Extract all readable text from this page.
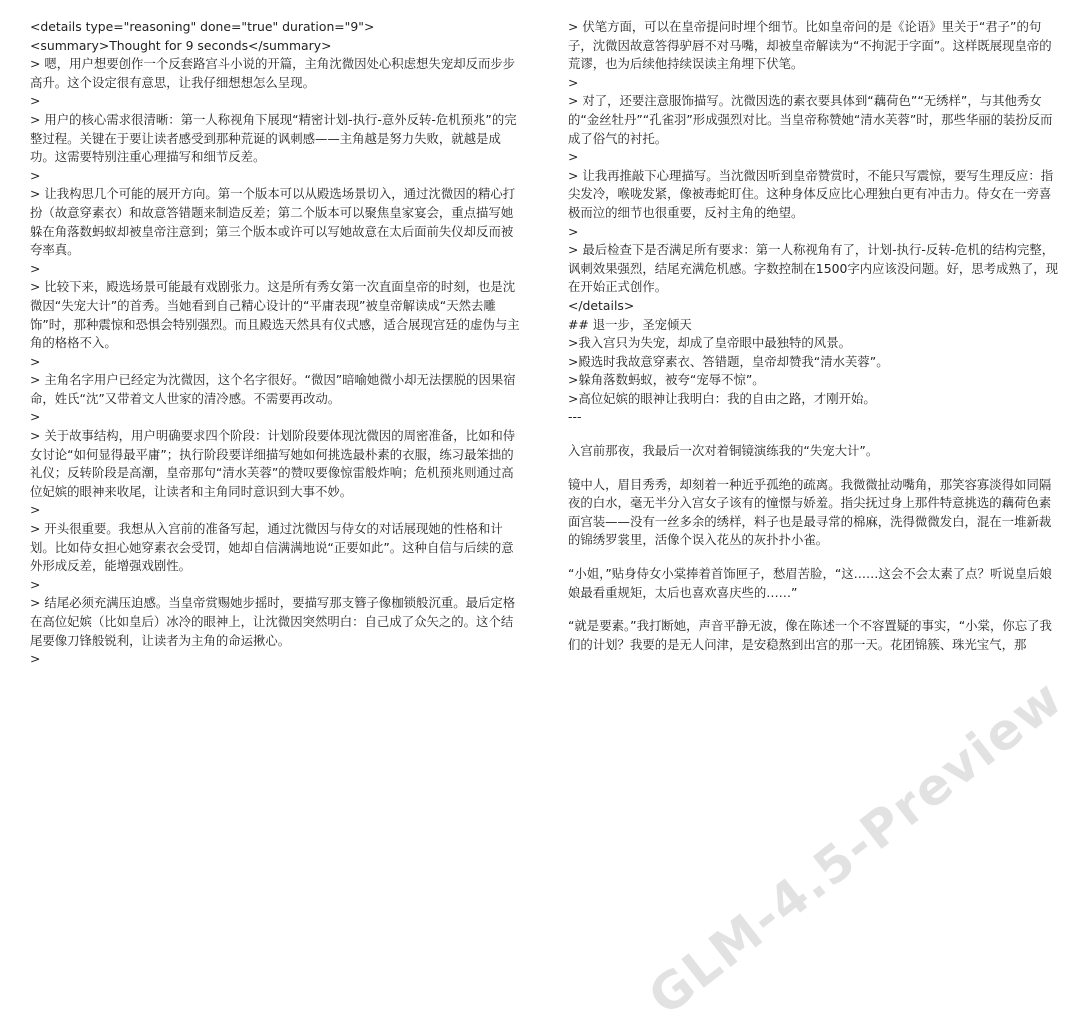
<details type="reasoning" done="true" duration="9">

<summary>Thought for 9 seconds</summary>

> 嗯，用户想要创作一个反套路宫斗小说的开篇，主角沈微因处心积虑想失宠却反而步步高升。这个设定很有意思，让我仔细想想怎么呈现。

>

> 用户的核心需求很清晰：第一人称视角下展现“精密计划-执行-意外反转-危机预兆”的完整过程。关键在于要让读者感受到那种荒诞的讽刺感——主角越是努力失败，就越是成功。这需要特别注重心理描写和细节反差。

>

> 让我构思几个可能的展开方向。第一个版本可以从殿选场景切入，通过沈微因的精心打扮（故意穿素衣）和故意答错题来制造反差；第二个版本可以聚焦皇家宴会，重点描写她躲在角落数蚂蚁却被皇帝注意到；第三个版本或许可以写她故意在太后面前失仪却反而被夸率真。

>

> 比较下来，殿选场景可能最有戏剧张力。这是所有秀女第一次直面皇帝的时刻，也是沈微因“失宠大计”的首秀。当她看到自己精心设计的“平庸表现”被皇帝解读成“天然去雕饰”时，那种震惊和恐惧会特别强烈。而且殿选天然具有仪式感，适合展现宫廷的虚伪与主角的格格不入。

>

> 主角名字用户已经定为沈微因，这个名字很好。“微因”暗喻她微小却无法摆脱的因果宿命，姓氏“沈”又带着文人世家的清冷感。不需要再改动。

>

> 关于故事结构，用户明确要求四个阶段：计划阶段要体现沈微因的周密准备，比如和侍女讨论“如何显得最平庸”；执行阶段要详细描写她如何挑选最朴素的衣服，练习最笨拙的礼仪；反转阶段是高潮，皇帝那句“清水芙蓉”的赞叹要像惊雷般炸响；危机预兆则通过高位妃嫔的眼神来收尾，让读者和主角同时意识到大事不妙。

>

> 开头很重要。我想从入宫前的准备写起，通过沈微因与侍女的对话展现她的性格和计划。比如侍女担心她穿素衣会受罚，她却自信满满地说“正要如此”。这种自信与后续的意外形成反差，能增强戏剧性。

>

> 结尾必须充满压迫感。当皇帝赏赐她步摇时，要描写那支簪子像枷锁般沉重。最后定格在高位妃嫔（比如皇后）冰冷的眼神上，让沈微因突然明白：自己成了众矢之的。这个结尾要像刀锋般锐利，让读者为主角的命运揪心。

>

> 伏笔方面，可以在皇帝提问时埋个细节。比如皇帝问的是《论语》里关于“君子”的句子，沈微因故意答得驴唇不对马嘴，却被皇帝解读为“不拘泥于字面”。这样既展现皇帝的荒谬，也为后续他持续误读主角埋下伏笔。

>

> 对了，还要注意服饰描写。沈微因选的素衣要具体到“藕荷色”“无绣样”，与其他秀女的“金丝牡丹”“孔雀羽”形成强烈对比。当皇帝称赞她“清水芙蓉”时，那些华丽的装扮反而成了俗气的衬托。

>

> 让我再推敲下心理描写。当沈微因听到皇帝赞赏时，不能只写震惊，要写生理反应：指尖发冷，喉咙发紧，像被毒蛇盯住。这种身体反应比心理独白更有冲击力。侍女在一旁喜极而泣的细节也很重要，反衬主角的绝望。

>

> 最后检查下是否满足所有要求：第一人称视角有了，计划-执行-反转-危机的结构完整，讽刺效果强烈，结尾充满危机感。字数控制在1500字内应该没问题。好，思考成熟了，现在开始正式创作。

</details>

## 退一步，圣宠倾天

>我入宫只为失宠，却成了皇帝眼中最独特的风景。

>殿选时我故意穿素衣、答错题，皇帝却赞我“清水芙蓉”。

>躲角落数蚂蚁，被夸“宠辱不惊”。

>高位妃嫔的眼神让我明白：我的自由之路，才刚开始。

---

入宫前那夜，我最后一次对着铜镜演练我的“失宠大计”。

镜中人，眉目秀秀，却刻着一种近乎孤绝的疏离。我微微扯动嘴角，那笑容寡淡得如同隔夜的白水，毫无半分入宫女子该有的憧憬与娇羞。指尖抚过身上那件特意挑选的藕荷色素面宫装——没有一丝多余的绣样，料子也是最寻常的棉麻，洗得微微发白，混在一堆新裁的锦绣罗裳里，活像个误入花丛的灰扑扑小雀。

“小姐，”贴身侍女小棠捧着首饰匣子，愁眉苦脸，“这……这会不会太素了点？听说皇后娘娘最看重规矩，太后也喜欢喜庆些的……”

“就是要素。”我打断她，声音平静无波，像在陈述一个不容置疑的事实，“小棠，你忘了我们的计划？我要的是无人问津，是安稳熬到出宫的那一天。花团锦簇、珠光宝气，那

GLM-4.5-Preview
